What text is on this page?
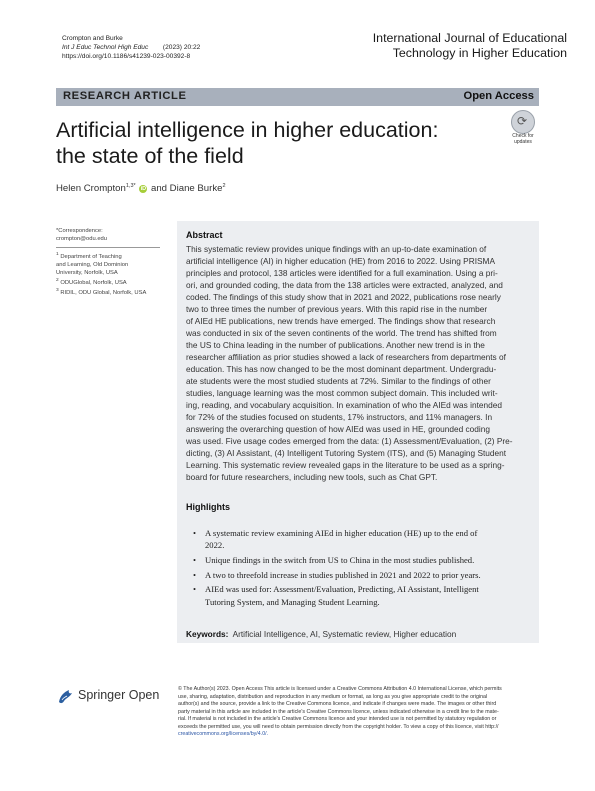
Crompton and Burke
Int J Educ Technol High Educ (2023) 20:22
https://doi.org/10.1186/s41239-023-00392-8
International Journal of Educational
Technology in Higher Education
RESEARCH ARTICLE	Open Access
Artificial intelligence in higher education:
the state of the field
⟳
Check for
updates
Helen Crompton$^{1,3*}$ iD and Diane Burke$^2$
*Correspondence:
crompton@odu.edu
$^1$ Department of Teaching
and Learning, Old Dominion
University, Norfolk, USA
$^2$ ODUGlobal, Norfolk, USA
$^3$ RIDIL, ODU Global, Norfolk, USA
Abstract
This systematic review provides unique findings with an up-to-date examination of
artificial intelligence (AI) in higher education (HE) from 2016 to 2022. Using PRISMA
principles and protocol, 138 articles were identified for a full examination. Using a pri-
ori, and grounded coding, the data from the 138 articles were extracted, analyzed, and
coded. The findings of this study show that in 2021 and 2022, publications rose nearly
two to three times the number of previous years. With this rapid rise in the number
of AIEd HE publications, new trends have emerged. The findings show that research
was conducted in six of the seven continents of the world. The trend has shifted from
the US to China leading in the number of publications. Another new trend is in the
researcher affiliation as prior studies showed a lack of researchers from departments of
education. This has now changed to be the most dominant department. Undergradu-
ate students were the most studied students at 72%. Similar to the findings of other
studies, language learning was the most common subject domain. This included writ-
ing, reading, and vocabulary acquisition. In examination of who the AIEd was intended
for 72% of the studies focused on students, 17% instructors, and 11% managers. In
answering the overarching question of how AIEd was used in HE, grounded coding
was used. Five usage codes emerged from the data: (1) Assessment/Evaluation, (2) Pre-
dicting, (3) AI Assistant, (4) Intelligent Tutoring System (ITS), and (5) Managing Student
Learning. This systematic review revealed gaps in the literature to be used as a spring-
board for future researchers, including new tools, such as Chat GPT.
Highlights
• A systematic review examining AIEd in higher education (HE) up to the end of
2022.
• Unique findings in the switch from US to China in the most studies published.
• A two to threefold increase in studies published in 2021 and 2022 to prior years.
• AIEd was used for: Assessment/Evaluation, Predicting, AI Assistant, Intelligent
Tutoring System, and Managing Student Learning.
Keywords: Artificial Intelligence, AI, Systematic review, Higher education
Springer Open	© The Author(s) 2023. Open Access This article is licensed under a Creative Commons Attribution 4.0 International License, which permits
use, sharing, adaptation, distribution and reproduction in any medium or format, as long as you give appropriate credit to the original
author(s) and the source, provide a link to the Creative Commons licence, and indicate if changes were made. The images or other third
party material in this article are included in the article's Creative Commons licence, unless indicated otherwise in a credit line to the mate-
rial. If material is not included in the article's Creative Commons licence and your intended use is not permitted by statutory regulation or
exceeds the permitted use, you will need to obtain permission directly from the copyright holder. To view a copy of this licence, visit http://
creativecommons.org/licenses/by/4.0/.
